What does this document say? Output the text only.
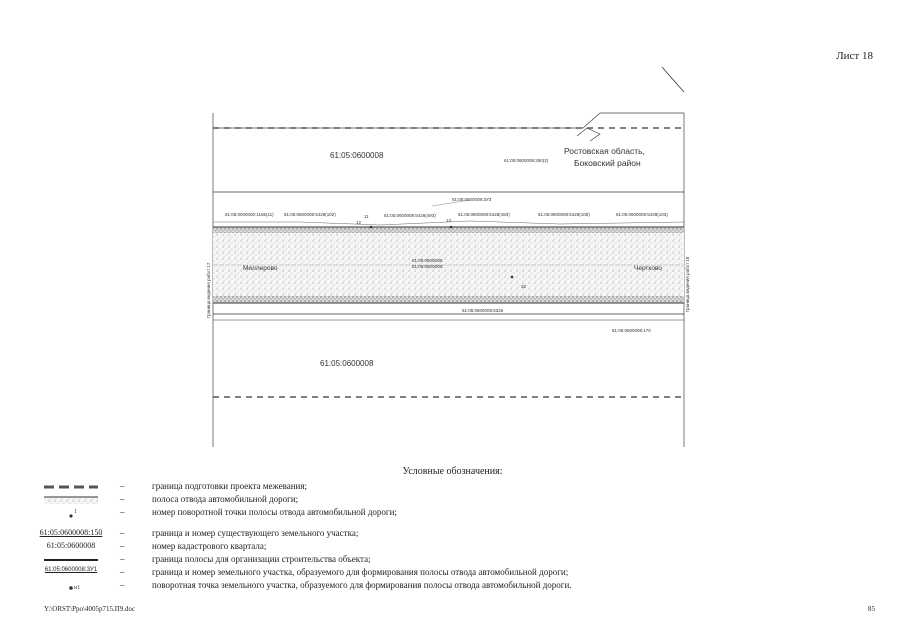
Лист 18
61:05:0600008	Ростовская область,
Боковский район
61:05:0600008:250(2)
61:05:0000000:1166(11) 61:05:0600008:5428(102)	61:05:0600008:5426(493)	61:05:0600008:5428(483)	61:05:0600008:5428(108)	61:05:0600008:5428(103)
61:05:0600008:ЗУ3
11
12	13
Миллерово	Чертково
61:05:0600008:
61:05:0600008:
32
61:05:0600008:5326
61:05:0600008:170
61:05:0600008
Граница ведения работ 17	Граница ведения работ 18
Условные обозначения:
–	граница подготовки проекта межевания;
–	полоса отвода автомобильной дороги;
1	–	номер поворотной точки полосы отвода автомобильной дороги;
61:05:0600008:150	–	граница и номер существующего земельного участка;
61:05:0600008	–	номер кадастрового квартала;
–	граница полосы для организации строительства объекта;
61:05:0600008:ЗУ1	–	граница и номер земельного участка, образуемого для формирования полосы отвода автомобильной дороги;
н1	–	поворотная точка земельного участка, образуемого для формирования полосы отвода автомобильной дороги.
Y:\ORST\Ppo\4005p715.П9.doc	85
